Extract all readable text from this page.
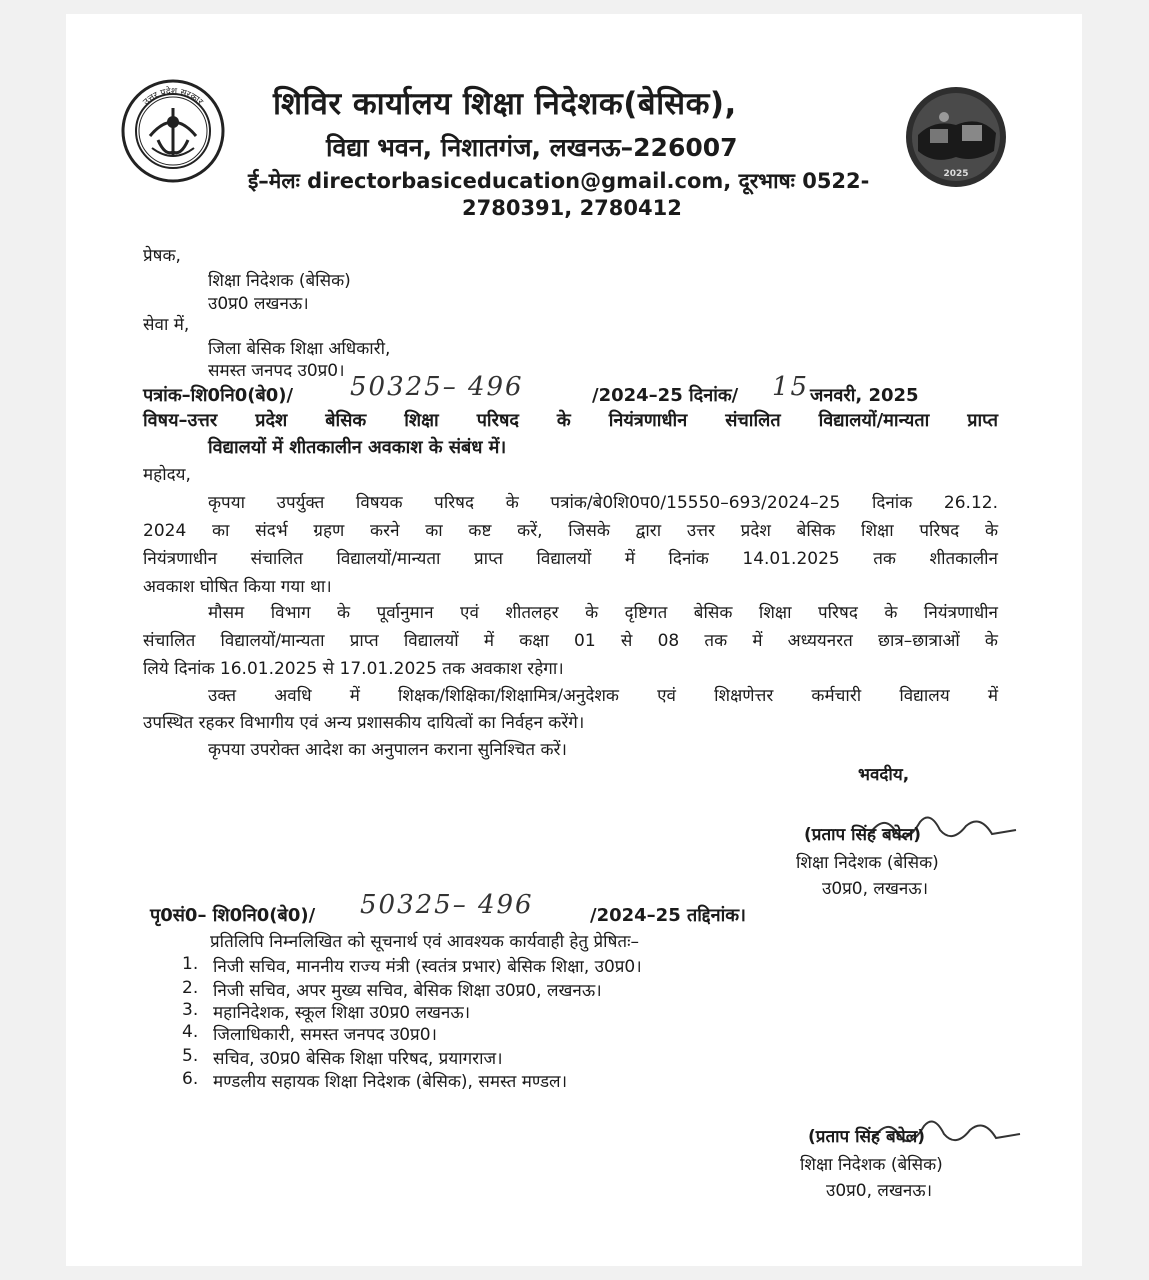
उत्तर प्रदेश सरकार
2025
शिविर कार्यालय शिक्षा निदेशक(बेसिक),
विद्या भवन, निशातगंज, लखनऊ–226007
ई–मेलः directorbasiceducation@gmail.com, दूरभाषः 0522-
2780391, 2780412
प्रेषक,
शिक्षा निदेशक (बेसिक)
उ0प्र0 लखनऊ।
सेवा में,
जिला बेसिक शिक्षा अधिकारी,
समस्त जनपद उ0प्र0।
पत्रांक–शि0नि0(बे0)/ 50325– 496	/2024–25 दिनांक/ 15 जनवरी, 2025
विषय–उत्तर प्रदेश बेसिक शिक्षा परिषद के नियंत्रणाधीन संचालित विद्यालयों/मान्यता प्राप्त
विद्यालयों में शीतकालीन अवकाश के संबंध में।
महोदय,
कृपया उपर्युक्त विषयक परिषद के पत्रांक/बे0शि0प0/15550–693/2024–25 दिनांक 26.12.
2024 का संदर्भ ग्रहण करने का कष्ट करें, जिसके द्वारा उत्तर प्रदेश बेसिक शिक्षा परिषद के
नियंत्रणाधीन संचालित विद्यालयों/मान्यता प्राप्त विद्यालयों में दिनांक 14.01.2025 तक शीतकालीन
अवकाश घोषित किया गया था।
मौसम विभाग के पूर्वानुमान एवं शीतलहर के दृष्टिगत बेसिक शिक्षा परिषद के नियंत्रणाधीन
संचालित विद्यालयों/मान्यता प्राप्त विद्यालयों में कक्षा 01 से 08 तक में अध्ययनरत छात्र–छात्राओं के
लिये दिनांक 16.01.2025 से 17.01.2025 तक अवकाश रहेगा।
उक्त अवधि में शिक्षक/शिक्षिका/शिक्षामित्र/अनुदेशक एवं शिक्षणेत्तर कर्मचारी विद्यालय में
उपस्थित रहकर विभागीय एवं अन्य प्रशासकीय दायित्वों का निर्वहन करेंगे।
कृपया उपरोक्त आदेश का अनुपालन कराना सुनिश्चित करें।
भवदीय,
(प्रताप सिंह बघेल)
शिक्षा निदेशक (बेसिक)
उ0प्र0, लखनऊ।
पृ0सं0– शि0नि0(बे0)/ 50325– 496	/2024–25 तद्दिनांक।
प्रतिलिपि निम्नलिखित को सूचनार्थ एवं आवश्यक कार्यवाही हेतु प्रेषितः–
1. निजी सचिव, माननीय राज्य मंत्री (स्वतंत्र प्रभार) बेसिक शिक्षा, उ0प्र0।
2. निजी सचिव, अपर मुख्य सचिव, बेसिक शिक्षा उ0प्र0, लखनऊ।
3. महानिदेशक, स्कूल शिक्षा उ0प्र0 लखनऊ।
4. जिलाधिकारी, समस्त जनपद उ0प्र0।
5. सचिव, उ0प्र0 बेसिक शिक्षा परिषद, प्रयागराज।
6. मण्डलीय सहायक शिक्षा निदेशक (बेसिक), समस्त मण्डल।
(प्रताप सिंह बघेल)
शिक्षा निदेशक (बेसिक)
उ0प्र0, लखनऊ।
